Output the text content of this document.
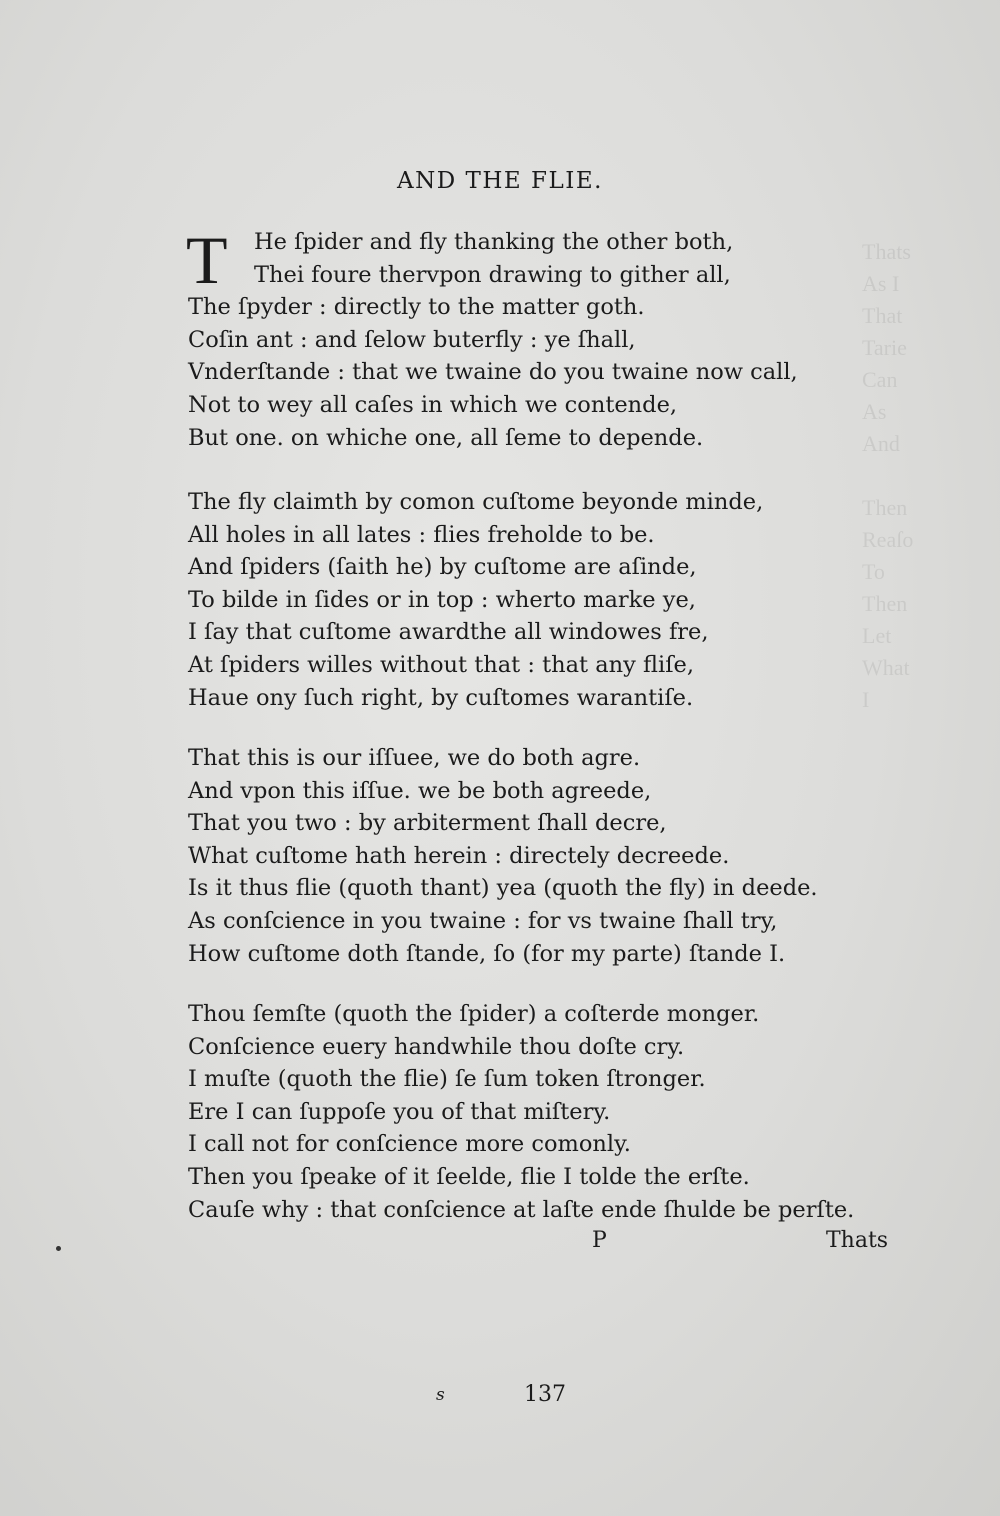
Thats
As I
That
Tarie
Can
As
And

Then
Reaſo
To
Then
Let
What
I
AND THE FLIE.
T He ſpider and fly thanking the other both,
Thei foure thervpon drawing to gither all,
The ſpyder : directly to the matter goth.
Coſin ant : and ſelow buterfly : ye ſhall,
Vnderſtande : that we twaine do you twaine now call,
Not to wey all caſes in which we contende,
But one. on whiche one, all ſeme to depende.
The fly claimth by comon cuſtome beyonde minde,
All holes in all lates : flies freholde to be.
And ſpiders (ſaith he) by cuſtome are aſinde,
To bilde in ſides or in top : wherto marke ye,
I ſay that cuſtome awardthe all windowes fre,
At ſpiders willes without that : that any fliſe,
Haue ony ſuch right, by cuſtomes warantiſe.
That this is our iſſuee, we do both agre.
And vpon this iſſue. we be both agreede,
That you two : by arbiterment ſhall decre,
What cuſtome hath herein : directely decreede.
Is it thus flie (quoth thant) yea (quoth the fly) in deede.
As conſcience in you twaine : for vs twaine ſhall try,
How cuſtome doth ſtande, ſo (for my parte) ſtande I.
Thou ſemſte (quoth the ſpider) a coſterde monger.
Conſcience euery handwhile thou doſte cry.
I muſte (quoth the flie) ſe ſum token ſtronger.
Ere I can ſuppoſe you of that miſtery.
I call not for conſcience more comonly.
Then you ſpeake of it ſeelde, flie I tolde the erſte.
Cauſe why : that conſcience at laſte ende ſhulde be perſte.
P	Thats
s	137
